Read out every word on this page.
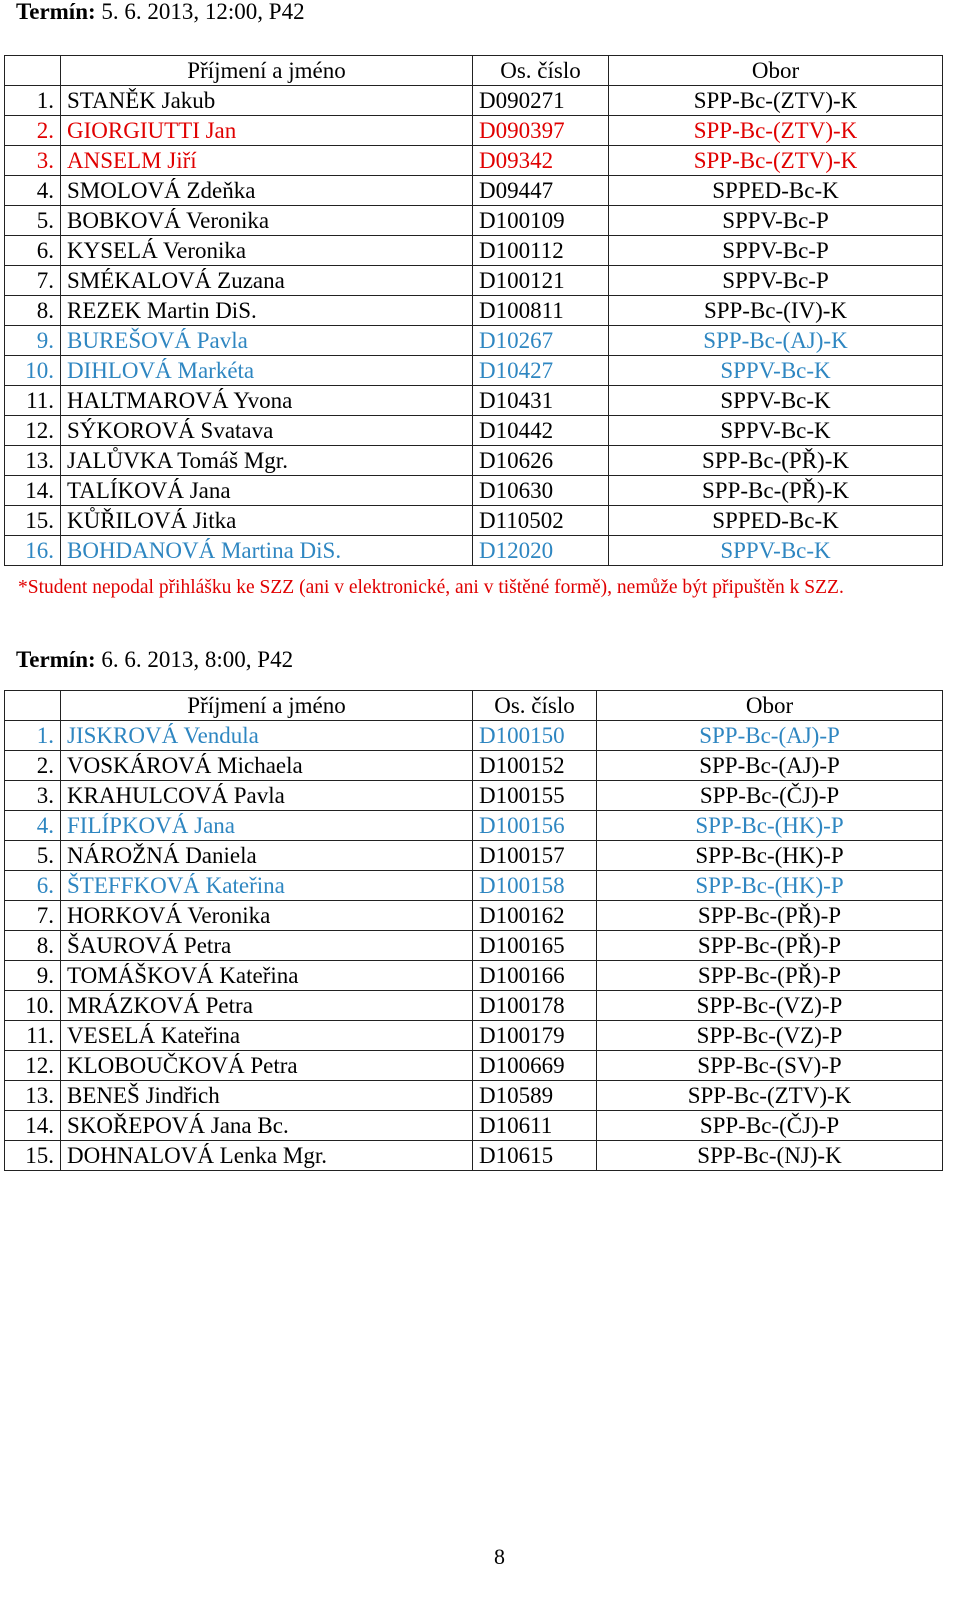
Termín: 5. 6. 2013, 12:00, P42

	Příjmení a jméno	Os. číslo	Obor
1.	STANĚK Jakub	D090271	SPP-Bc-(ZTV)-K
2.	GIORGIUTTI Jan	D090397	SPP-Bc-(ZTV)-K
3.	ANSELM Jiří	D09342	SPP-Bc-(ZTV)-K
4.	SMOLOVÁ Zdeňka	D09447	SPPED-Bc-K
5.	BOBKOVÁ Veronika	D100109	SPPV-Bc-P
6.	KYSELÁ Veronika	D100112	SPPV-Bc-P
7.	SMÉKALOVÁ Zuzana	D100121	SPPV-Bc-P
8.	REZEK Martin DiS.	D100811	SPP-Bc-(IV)-K
9.	BUREŠOVÁ Pavla	D10267	SPP-Bc-(AJ)-K
10.	DIHLOVÁ Markéta	D10427	SPPV-Bc-K
11.	HALTMAROVÁ Yvona	D10431	SPPV-Bc-K
12.	SÝKOROVÁ Svatava	D10442	SPPV-Bc-K
13.	JALŮVKA Tomáš Mgr.	D10626	SPP-Bc-(PŘ)-K
14.	TALÍKOVÁ Jana	D10630	SPP-Bc-(PŘ)-K
15.	KŮŘILOVÁ Jitka	D110502	SPPED-Bc-K
16.	BOHDANOVÁ Martina DiS.	D12020	SPPV-Bc-K
*Student nepodal přihlášku ke SZZ (ani v elektronické, ani v tištěné formě), nemůže být připuštěn k SZZ.

Termín: 6. 6. 2013, 8:00, P42

	Příjmení a jméno	Os. číslo	Obor
1.	JISKROVÁ Vendula	D100150	SPP-Bc-(AJ)-P
2.	VOSKÁROVÁ Michaela	D100152	SPP-Bc-(AJ)-P
3.	KRAHULCOVÁ Pavla	D100155	SPP-Bc-(ČJ)-P
4.	FILÍPKOVÁ Jana	D100156	SPP-Bc-(HK)-P
5.	NÁROŽNÁ Daniela	D100157	SPP-Bc-(HK)-P
6.	ŠTEFFKOVÁ Kateřina	D100158	SPP-Bc-(HK)-P
7.	HORKOVÁ Veronika	D100162	SPP-Bc-(PŘ)-P
8.	ŠAUROVÁ Petra	D100165	SPP-Bc-(PŘ)-P
9.	TOMÁŠKOVÁ Kateřina	D100166	SPP-Bc-(PŘ)-P
10.	MRÁZKOVÁ Petra	D100178	SPP-Bc-(VZ)-P
11.	VESELÁ Kateřina	D100179	SPP-Bc-(VZ)-P
12.	KLOBOUČKOVÁ Petra	D100669	SPP-Bc-(SV)-P
13.	BENEŠ Jindřich	D10589	SPP-Bc-(ZTV)-K
14.	SKOŘEPOVÁ Jana Bc.	D10611	SPP-Bc-(ČJ)-P
15.	DOHNALOVÁ Lenka Mgr.	D10615	SPP-Bc-(NJ)-K
8
